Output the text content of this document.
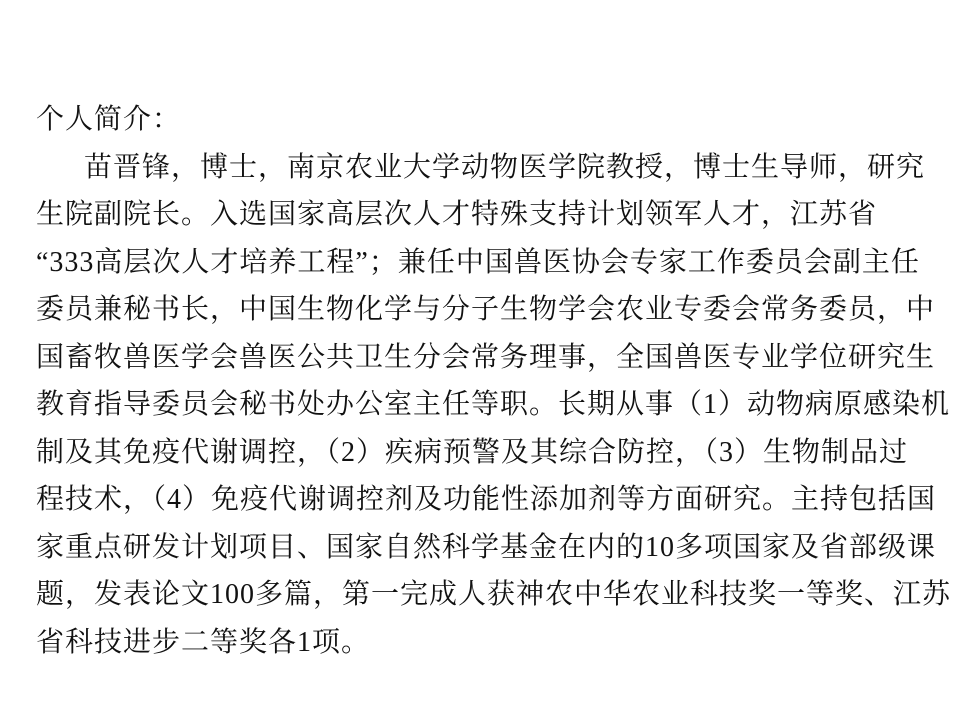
个人简介：
苗晋锋，博士，南京农业大学动物医学院教授，博士生导师，研究
生院副院长。入选国家高层次人才特殊支持计划领军人才，江苏省
“333高层次人才培养工程”；兼任中国兽医协会专家工作委员会副主任
委员兼秘书长，中国生物化学与分子生物学会农业专委会常务委员，中
国畜牧兽医学会兽医公共卫生分会常务理事，全国兽医专业学位研究生
教育指导委员会秘书处办公室主任等职。长期从事（1）动物病原感染机
制及其免疫代谢调控，（2）疾病预警及其综合防控，（3）生物制品过
程技术，（4）免疫代谢调控剂及功能性添加剂等方面研究。主持包括国
家重点研发计划项目、国家自然科学基金在内的10多项国家及省部级课
题，发表论文100多篇，第一完成人获神农中华农业科技奖一等奖、江苏
省科技进步二等奖各1项。
